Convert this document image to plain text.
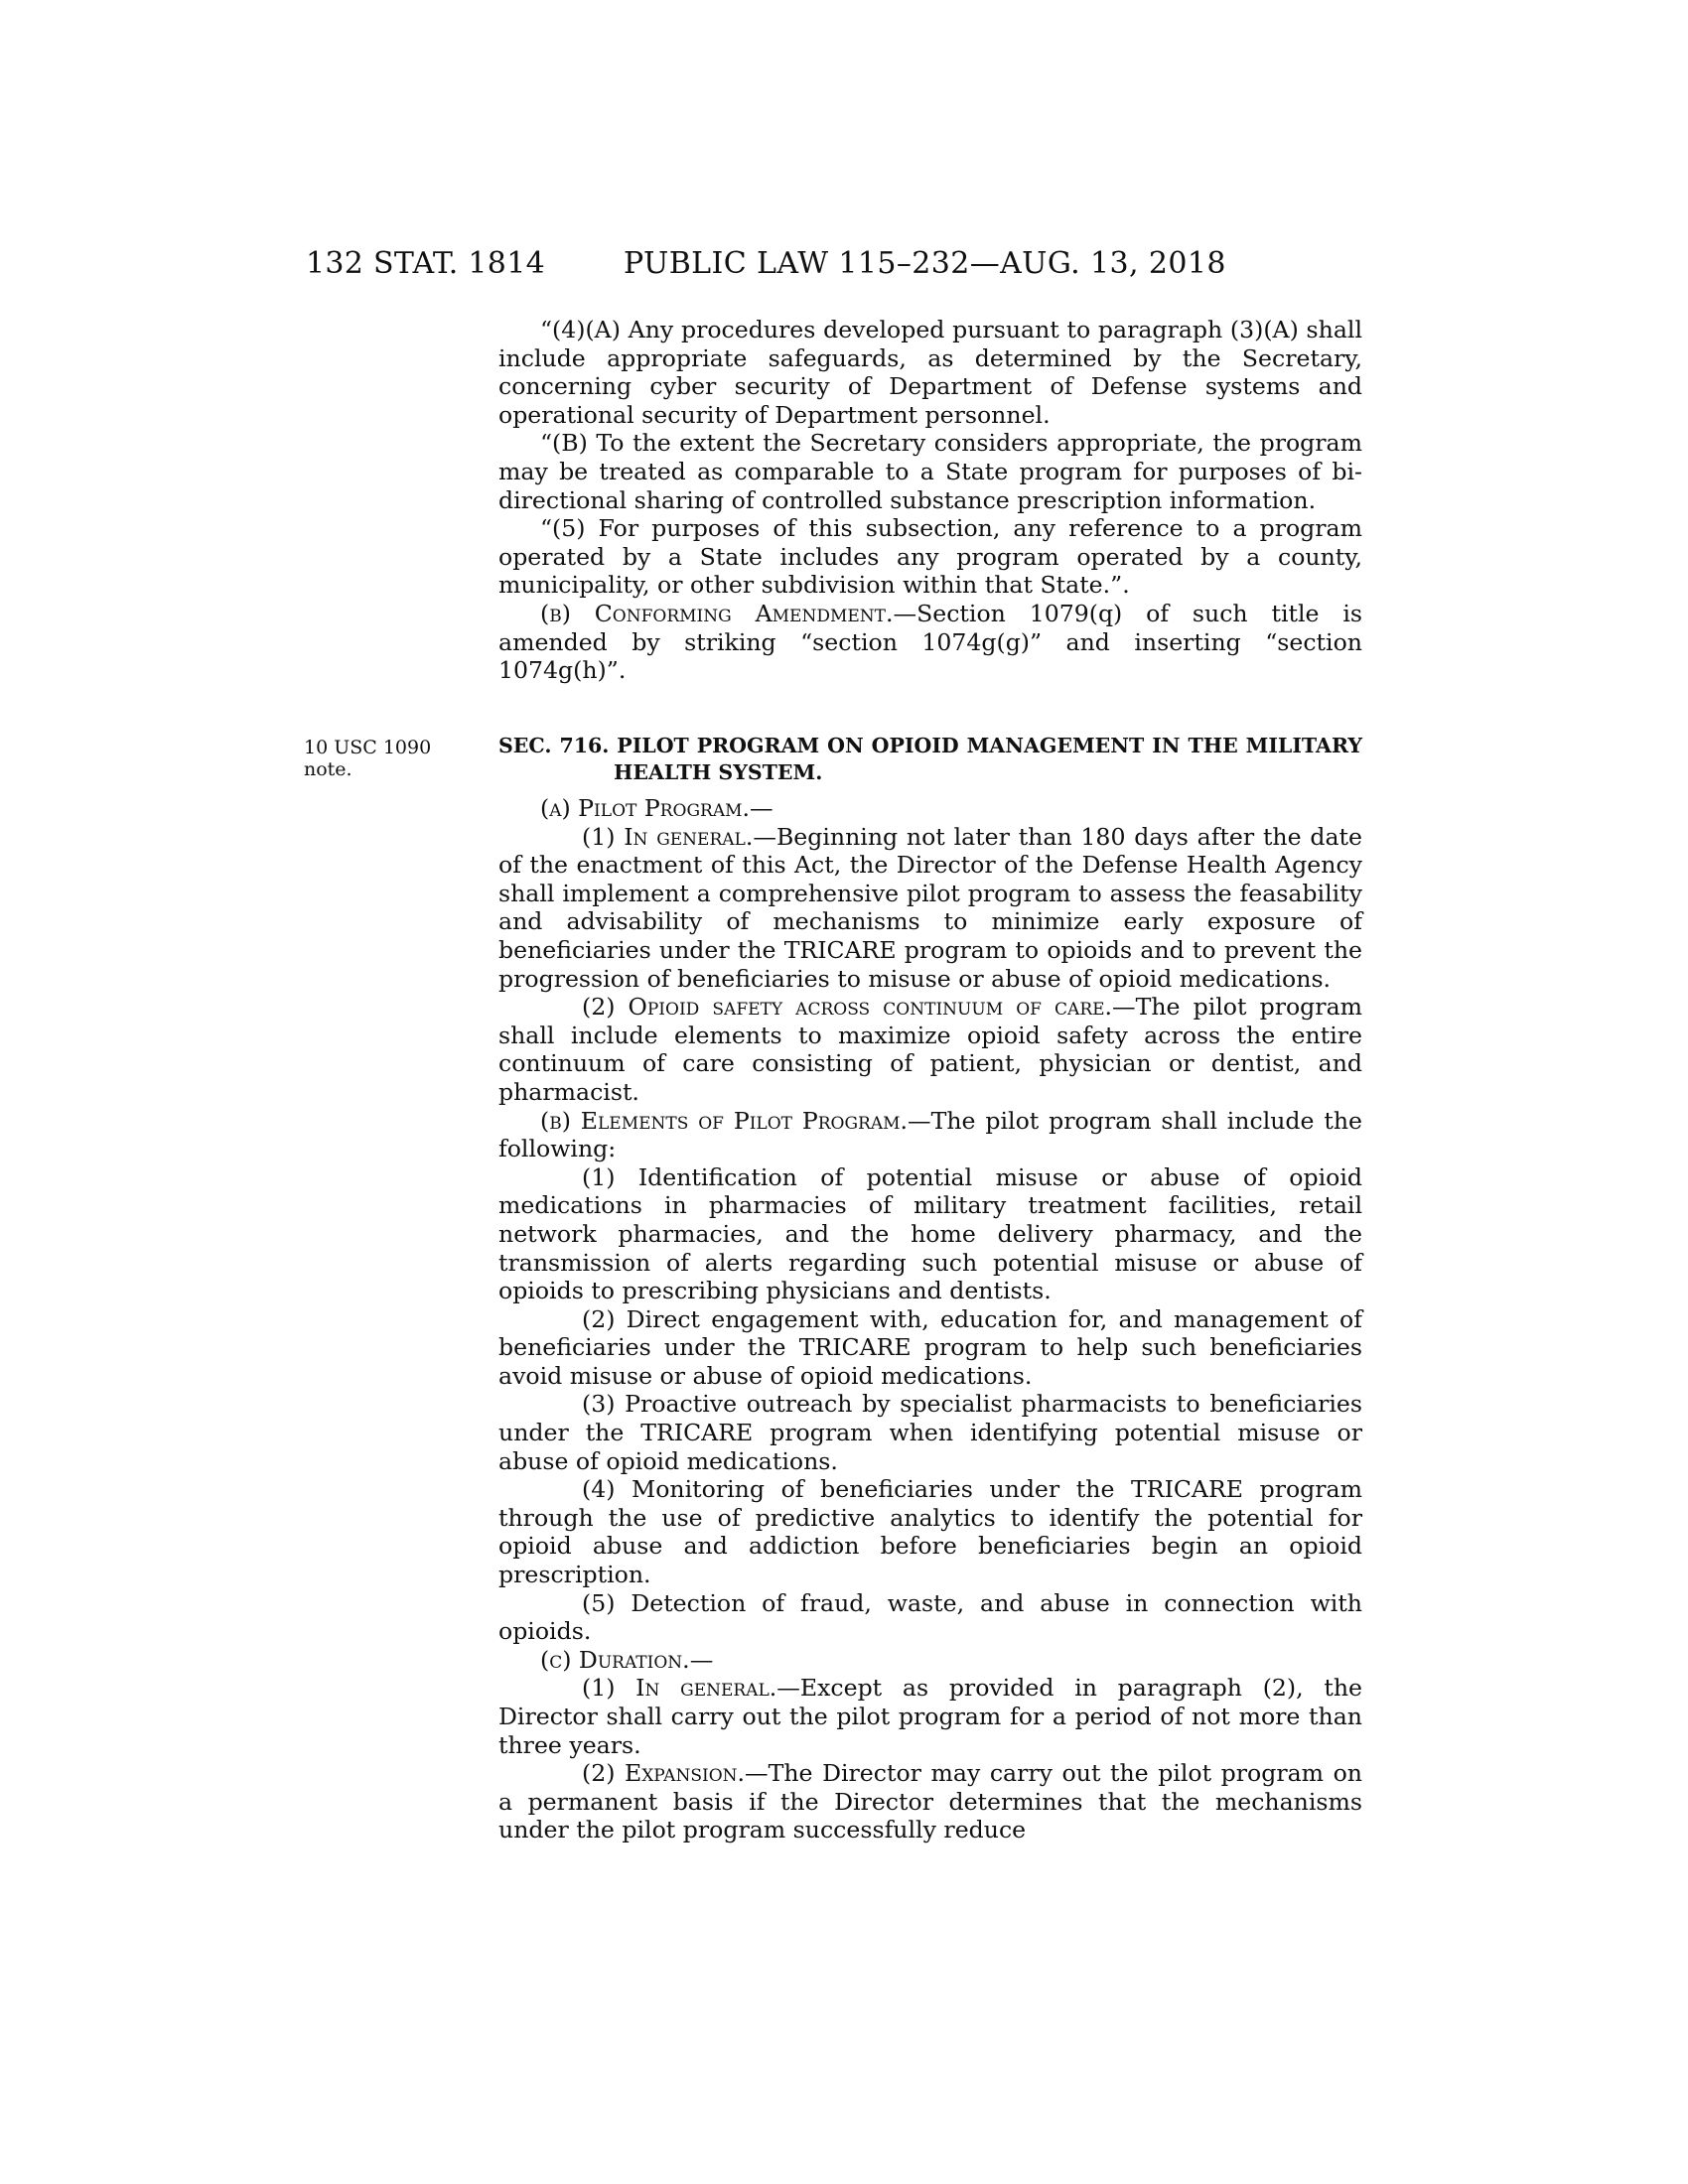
132 STAT. 1814	PUBLIC LAW 115–232—AUG. 13, 2018

“(4)(A) Any procedures developed pursuant to paragraph (3)(A) shall include appropriate safeguards, as determined by the Secretary, concerning cyber security of Department of Defense systems and operational security of Department personnel.

“(B) To the extent the Secretary considers appropriate, the program may be treated as comparable to a State program for purposes of bi-directional sharing of controlled substance prescription information.

“(5) For purposes of this subsection, any reference to a program operated by a State includes any program operated by a county, municipality, or other subdivision within that State.”.

(b) Conforming Amendment.—Section 1079(q) of such title is amended by striking “section 1074g(g)” and inserting “section 1074g(h)”.

10 USC 1090
note.
SEC. 716. PILOT PROGRAM ON OPIOID MANAGEMENT IN THE MILITARY HEALTH SYSTEM.

(a) Pilot Program.—

(1) In general.—Beginning not later than 180 days after the date of the enactment of this Act, the Director of the Defense Health Agency shall implement a comprehensive pilot program to assess the feasability and advisability of mechanisms to minimize early exposure of beneficiaries under the TRICARE program to opioids and to prevent the progression of beneficiaries to misuse or abuse of opioid medications.

(2) Opioid safety across continuum of care.—The pilot program shall include elements to maximize opioid safety across the entire continuum of care consisting of patient, physician or dentist, and pharmacist.

(b) Elements of Pilot Program.—The pilot program shall include the following:

(1) Identification of potential misuse or abuse of opioid medications in pharmacies of military treatment facilities, retail network pharmacies, and the home delivery pharmacy, and the transmission of alerts regarding such potential misuse or abuse of opioids to prescribing physicians and dentists.

(2) Direct engagement with, education for, and management of beneficiaries under the TRICARE program to help such beneficiaries avoid misuse or abuse of opioid medications.

(3) Proactive outreach by specialist pharmacists to beneficiaries under the TRICARE program when identifying potential misuse or abuse of opioid medications.

(4) Monitoring of beneficiaries under the TRICARE program through the use of predictive analytics to identify the potential for opioid abuse and addiction before beneficiaries begin an opioid prescription.

(5) Detection of fraud, waste, and abuse in connection with opioids.

(c) Duration.—

(1) In general.—Except as provided in paragraph (2), the Director shall carry out the pilot program for a period of not more than three years.

(2) Expansion.—The Director may carry out the pilot program on a permanent basis if the Director determines that the mechanisms under the pilot program successfully reduce
